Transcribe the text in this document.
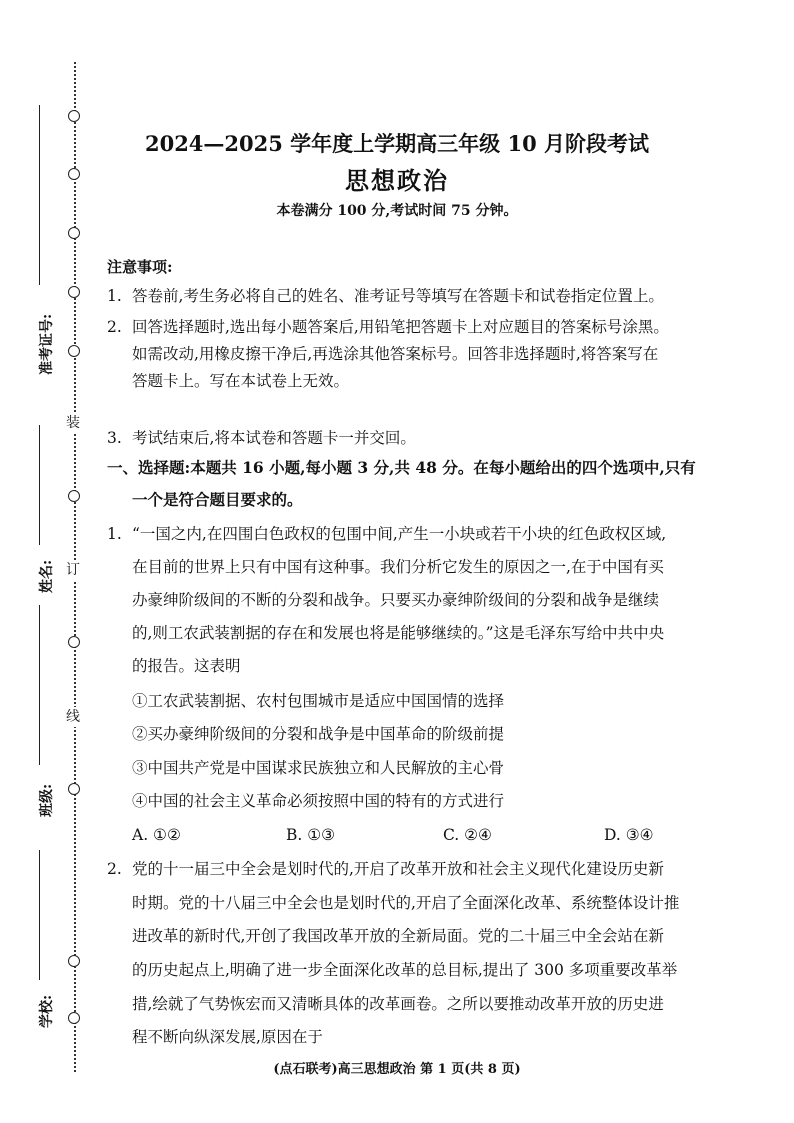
装
订
线
准考证号:
姓名:
班级:
学校:
2024—2025 学年度上学期高三年级 10 月阶段考试
思想政治
本卷满分 100 分,考试时间 75 分钟。
注意事项:
1. 答卷前,考生务必将自己的姓名、准考证号等填写在答题卡和试卷指定位置上。
2. 回答选择题时,选出每小题答案后,用铅笔把答题卡上对应题目的答案标号涂黑。
如需改动,用橡皮擦干净后,再选涂其他答案标号。回答非选择题时,将答案写在
答题卡上。写在本试卷上无效。
3. 考试结束后,将本试卷和答题卡一并交回。
一、选择题:本题共 16 小题,每小题 3 分,共 48 分。在每小题给出的四个选项中,只有
一个是符合题目要求的。
1. “一国之内,在四围白色政权的包围中间,产生一小块或若干小块的红色政权区域,
在目前的世界上只有中国有这种事。我们分析它发生的原因之一,在于中国有买
办豪绅阶级间的不断的分裂和战争。只要买办豪绅阶级间的分裂和战争是继续
的,则工农武装割据的存在和发展也将是能够继续的。”这是毛泽东写给中共中央
的报告。这表明
①工农武装割据、农村包围城市是适应中国国情的选择
②买办豪绅阶级间的分裂和战争是中国革命的阶级前提
③中国共产党是中国谋求民族独立和人民解放的主心骨
④中国的社会主义革命必须按照中国的特有的方式进行
A. ①②	B. ①③	C. ②④	D. ③④
2. 党的十一届三中全会是划时代的,开启了改革开放和社会主义现代化建设历史新
时期。党的十八届三中全会也是划时代的,开启了全面深化改革、系统整体设计推
进改革的新时代,开创了我国改革开放的全新局面。党的二十届三中全会站在新
的历史起点上,明确了进一步全面深化改革的总目标,提出了 300 多项重要改革举
措,绘就了气势恢宏而又清晰具体的改革画卷。之所以要推动改革开放的历史进
程不断向纵深发展,原因在于
(点石联考)高三思想政治 第 1 页(共 8 页)
